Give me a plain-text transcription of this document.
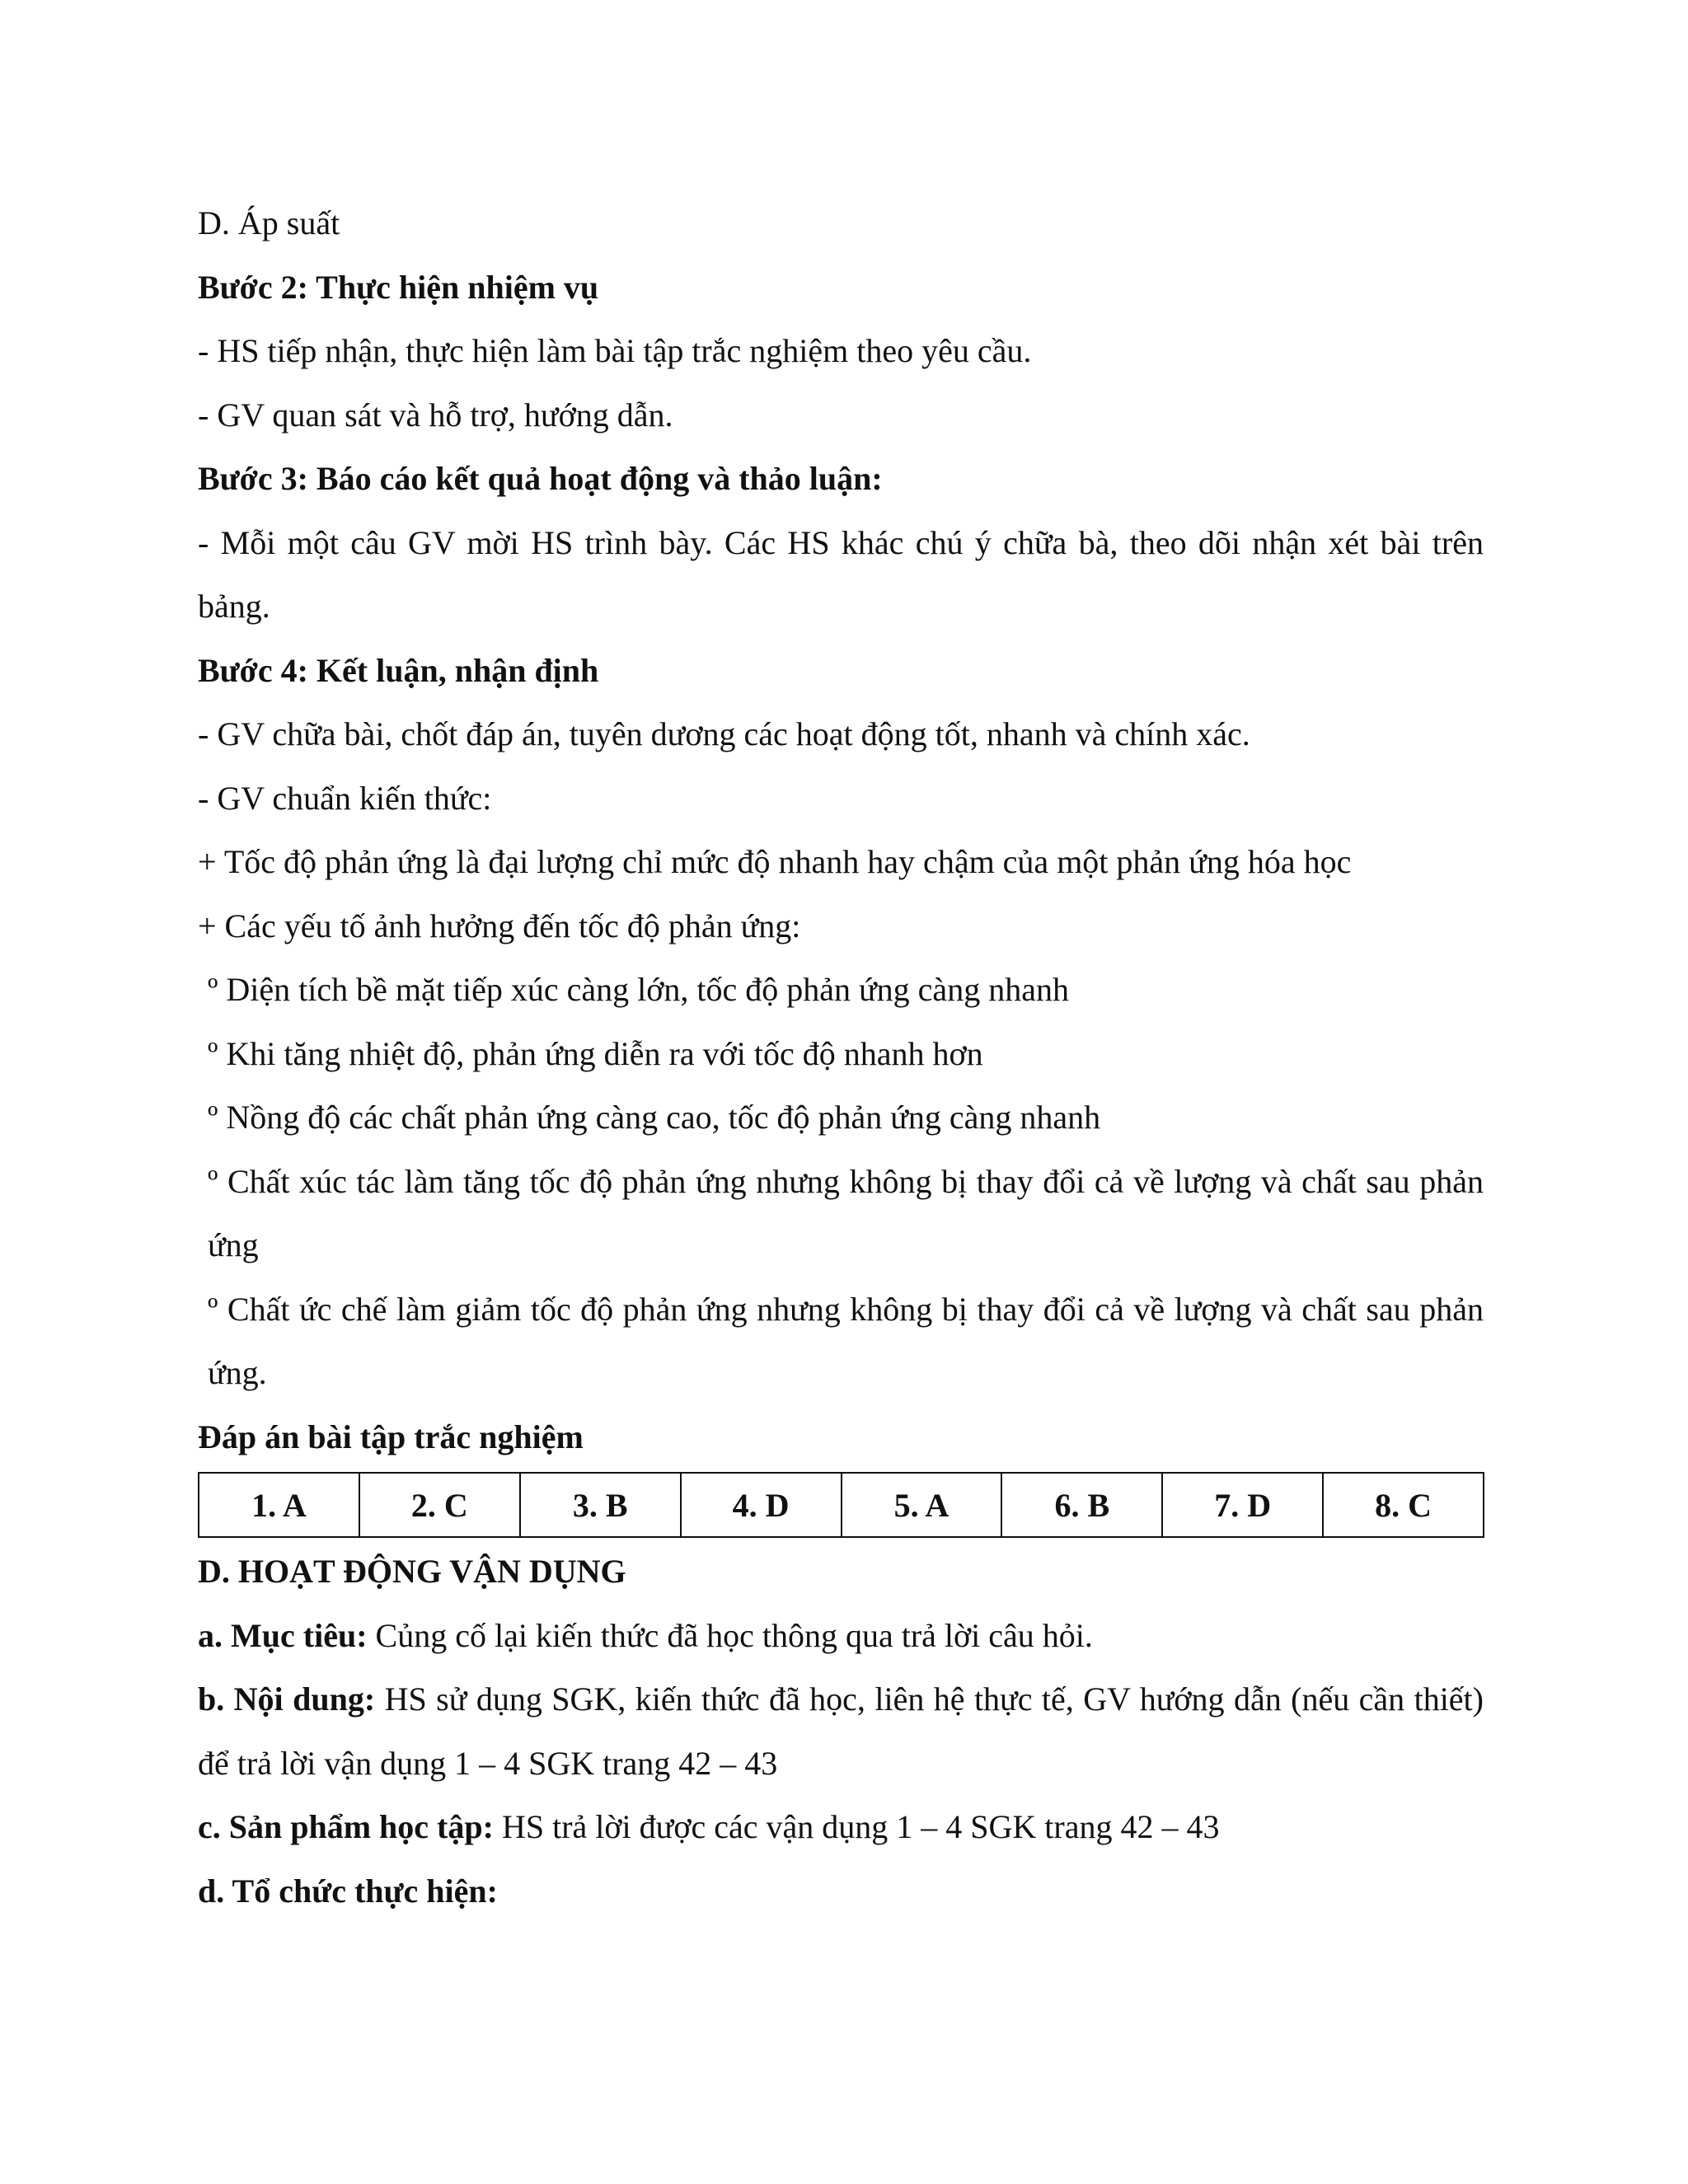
D. Áp suất
Bước 2: Thực hiện nhiệm vụ
- HS tiếp nhận, thực hiện làm bài tập trắc nghiệm theo yêu cầu.
- GV quan sát và hỗ trợ, hướng dẫn.
Bước 3: Báo cáo kết quả hoạt động và thảo luận:
- Mỗi một câu GV mời HS trình bày. Các HS khác chú ý chữa bà, theo dõi nhận xét bài trên bảng.
Bước 4: Kết luận, nhận định
- GV chữa bài, chốt đáp án, tuyên dương các hoạt động tốt, nhanh và chính xác.
- GV chuẩn kiến thức:
+ Tốc độ phản ứng là đại lượng chỉ mức độ nhanh hay chậm của một phản ứng hóa học
+ Các yếu tố ảnh hưởng đến tốc độ phản ứng:
º Diện tích bề mặt tiếp xúc càng lớn, tốc độ phản ứng càng nhanh
º Khi tăng nhiệt độ, phản ứng diễn ra với tốc độ nhanh hơn
º Nồng độ các chất phản ứng càng cao, tốc độ phản ứng càng nhanh
º Chất xúc tác làm tăng tốc độ phản ứng nhưng không bị thay đổi cả về lượng và chất sau phản ứng
º Chất ức chế làm giảm tốc độ phản ứng nhưng không bị thay đổi cả về lượng và chất sau phản ứng.
Đáp án bài tập trắc nghiệm
1. A	2. C	3. B	4. D	5. A	6. B	7. D	8. C
D. HOẠT ĐỘNG VẬN DỤNG
a. Mục tiêu: Củng cố lại kiến thức đã học thông qua trả lời câu hỏi.
b. Nội dung: HS sử dụng SGK, kiến thức đã học, liên hệ thực tế, GV hướng dẫn (nếu cần thiết) để trả lời vận dụng 1 – 4 SGK trang 42 – 43
c. Sản phẩm học tập: HS trả lời được các vận dụng 1 – 4 SGK trang 42 – 43
d. Tổ chức thực hiện:
